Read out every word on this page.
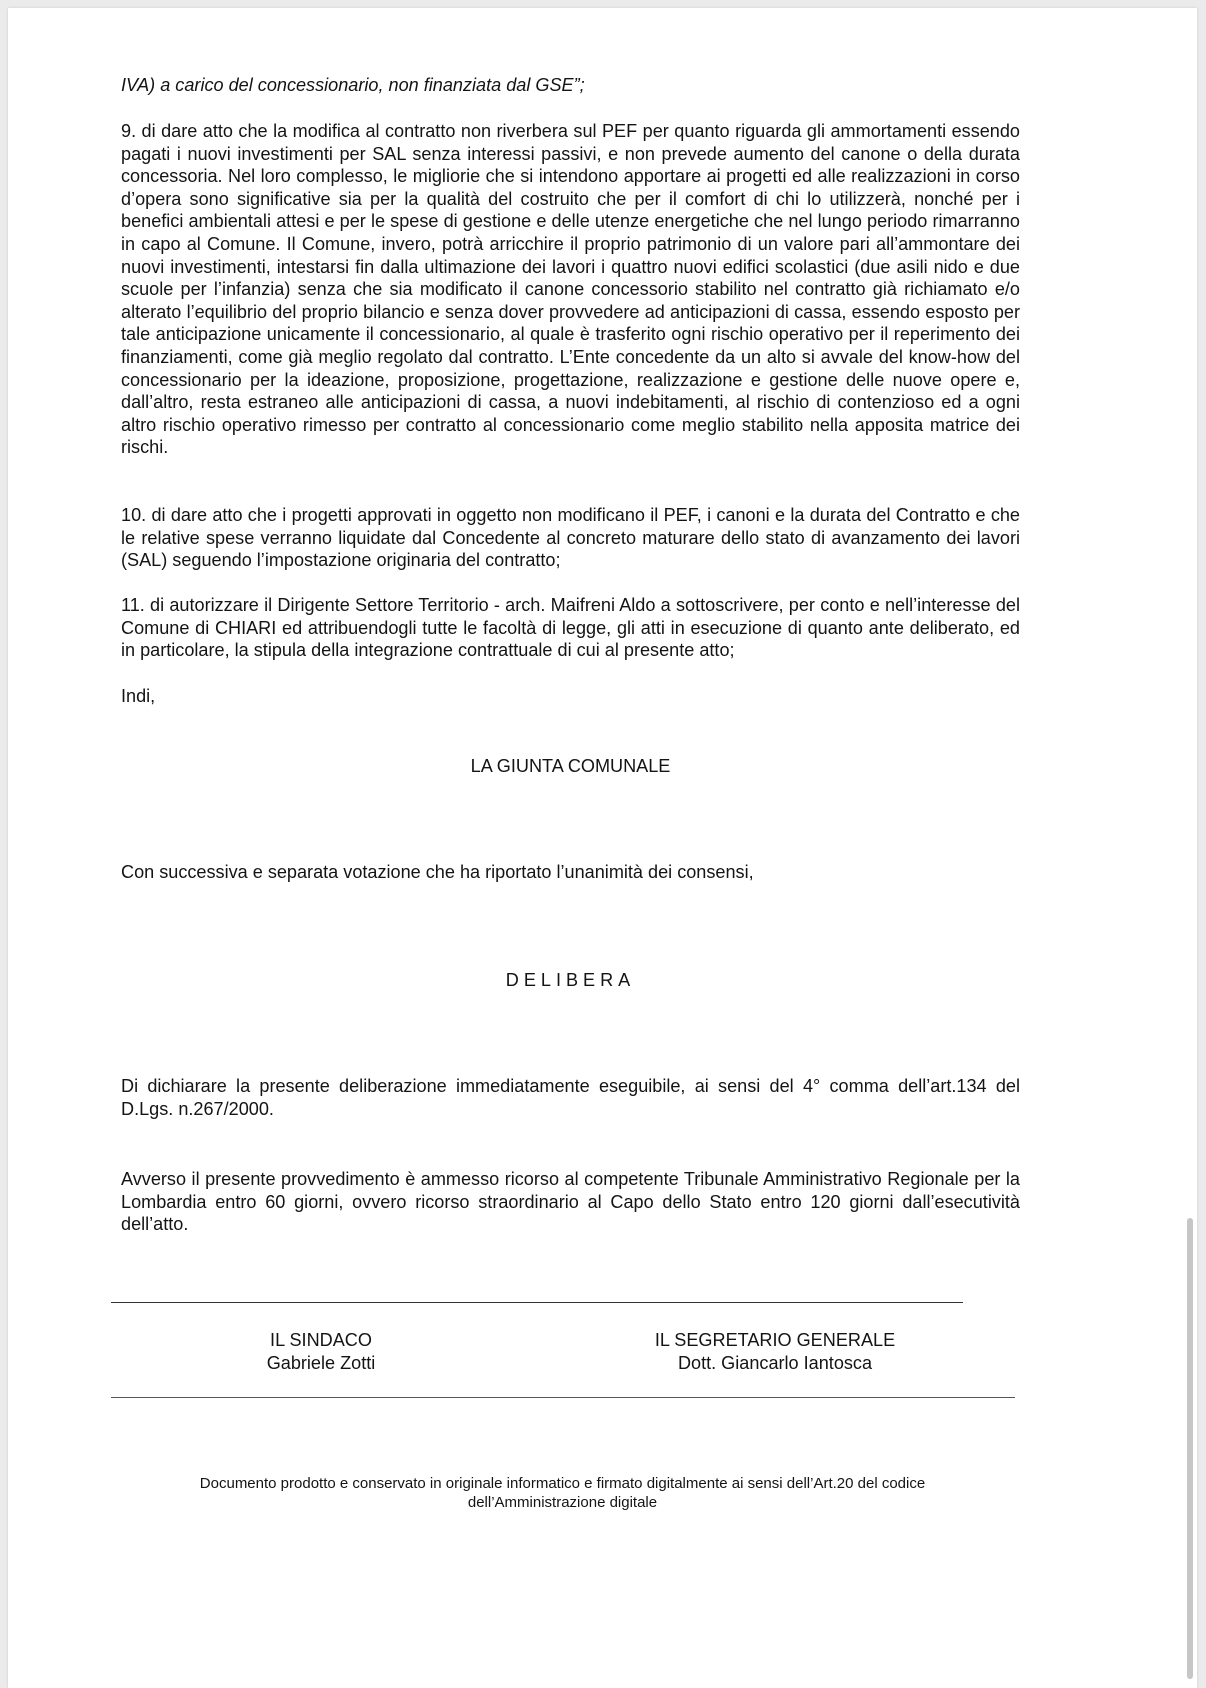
IVA) a carico del concessionario, non finanziata dal GSE”;

9. di dare atto che la modifica al contratto non riverbera sul PEF per quanto riguarda gli ammortamenti essendo pagati i nuovi investimenti per SAL senza interessi passivi, e non prevede aumento del canone o della durata concessoria. Nel loro complesso, le migliorie che si intendono apportare ai progetti ed alle realizzazioni in corso d’opera sono significative sia per la qualità del costruito che per il comfort di chi lo utilizzerà, nonché per i benefici ambientali attesi e per le spese di gestione e delle utenze energetiche che nel lungo periodo rimarranno in capo al Comune. Il Comune, invero, potrà arricchire il proprio patrimonio di un valore pari all’ammontare dei nuovi investimenti, intestarsi fin dalla ultimazione dei lavori i quattro nuovi edifici scolastici (due asili nido e due scuole per l’infanzia) senza che sia modificato il canone concessorio stabilito nel contratto già richiamato e/o alterato l’equilibrio del proprio bilancio e senza dover provvedere ad anticipazioni di cassa, essendo esposto per tale anticipazione unicamente il concessionario, al quale è trasferito ogni rischio operativo per il reperimento dei finanziamenti, come già meglio regolato dal contratto. L’Ente concedente da un alto si avvale del know-how del concessionario per la ideazione, proposizione, progettazione, realizzazione e gestione delle nuove opere e, dall’altro, resta estraneo alle anticipazioni di cassa, a nuovi indebitamenti, al rischio di contenzioso ed a ogni altro rischio operativo rimesso per contratto al concessionario come meglio stabilito nella apposita matrice dei rischi.

10. di dare atto che i progetti approvati in oggetto non modificano il PEF, i canoni e la durata del Contratto e che le relative spese verranno liquidate dal Concedente al concreto maturare dello stato di avanzamento dei lavori (SAL) seguendo l’impostazione originaria del contratto;

11. di autorizzare il Dirigente Settore Territorio - arch. Maifreni Aldo a sottoscrivere, per conto e nell’interesse del Comune di CHIARI ed attribuendogli tutte le facoltà di legge, gli atti in esecuzione di quanto ante deliberato, ed in particolare, la stipula della integrazione contrattuale di cui al presente atto;

Indi,

LA GIUNTA COMUNALE

Con successiva e separata votazione che ha riportato l’unanimità dei consensi,

DELIBERA

Di dichiarare la presente deliberazione immediatamente eseguibile, ai sensi del 4° comma dell’art.134 del D.Lgs. n.267/2000.

Avverso il presente provvedimento è ammesso ricorso al competente Tribunale Amministrativo Regionale per la Lombardia entro 60 giorni, ovvero ricorso straordinario al Capo dello Stato entro 120 giorni dall’esecutività dell’atto.

IL SINDACO
Gabriele Zotti
IL SEGRETARIO GENERALE
Dott. Giancarlo Iantosca
Documento prodotto e conservato in originale informatico e firmato digitalmente ai sensi dell’Art.20 del codice
dell’Amministrazione digitale
